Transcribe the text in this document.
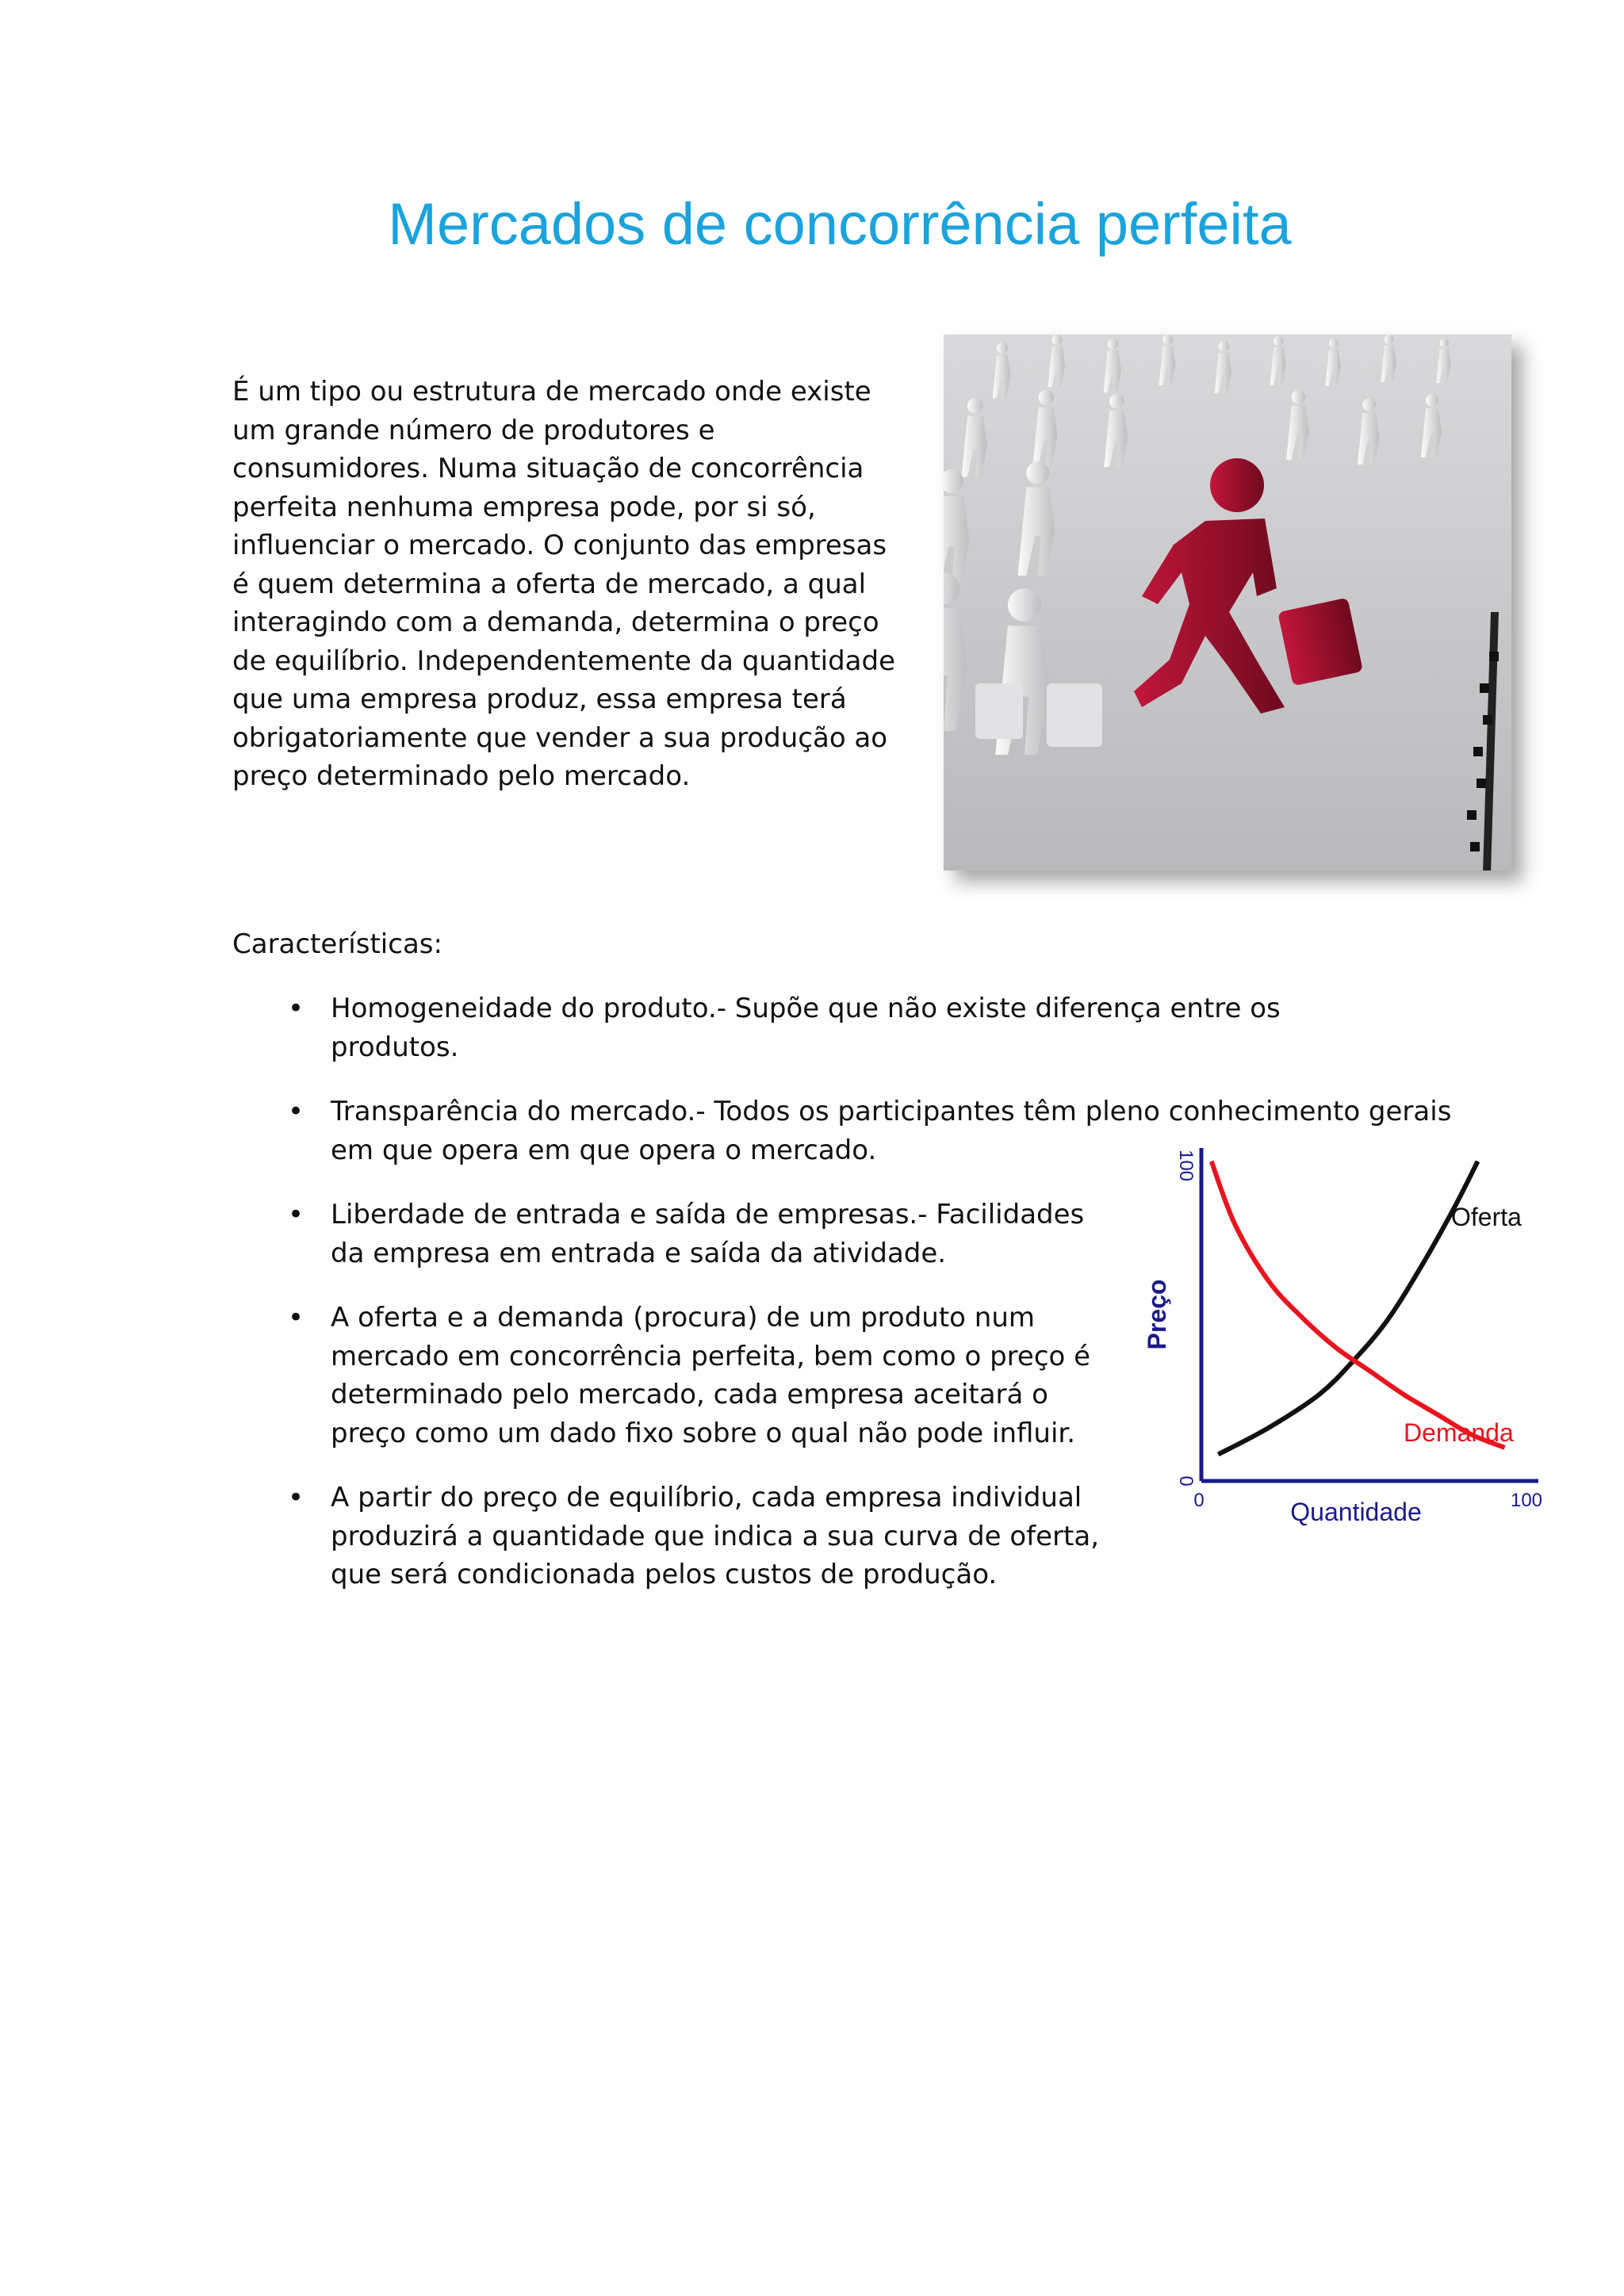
Mercados de concorrência perfeita

É um tipo ou estrutura de mercado onde existe um grande número de produtores e consumidores. Numa situação de concorrência perfeita nenhuma empresa pode, por si só, influenciar o mercado. O conjunto das empresas é quem determina a oferta de mercado, a qual interagindo com a demanda, determina o preço de equilíbrio. Independentemente da quantidade que uma empresa produz, essa empresa terá obrigatoriamente que vender a sua produção ao preço determinado pelo mercado.

Características:

• Homogeneidade do produto.- Supõe que não existe diferença entre os produtos.
• Transparência do mercado.- Todos os participantes têm pleno conhecimento gerais em que opera em que opera o mercado.
• Liberdade de entrada e saída de empresas.- Facilidades da empresa em entrada e saída da atividade.
• A oferta e a demanda (procura) de um produto num mercado em concorrência perfeita, bem como o preço é determinado pelo mercado, cada empresa aceitará o preço como um dado fixo sobre o qual não pode influir.
• A partir do preço de equilíbrio, cada empresa individual produzirá a quantidade que indica a sua curva de oferta, que será condicionada pelos custos de produção.
0	100
0
100
Quantidade
Preço
Oferta
Demanda
